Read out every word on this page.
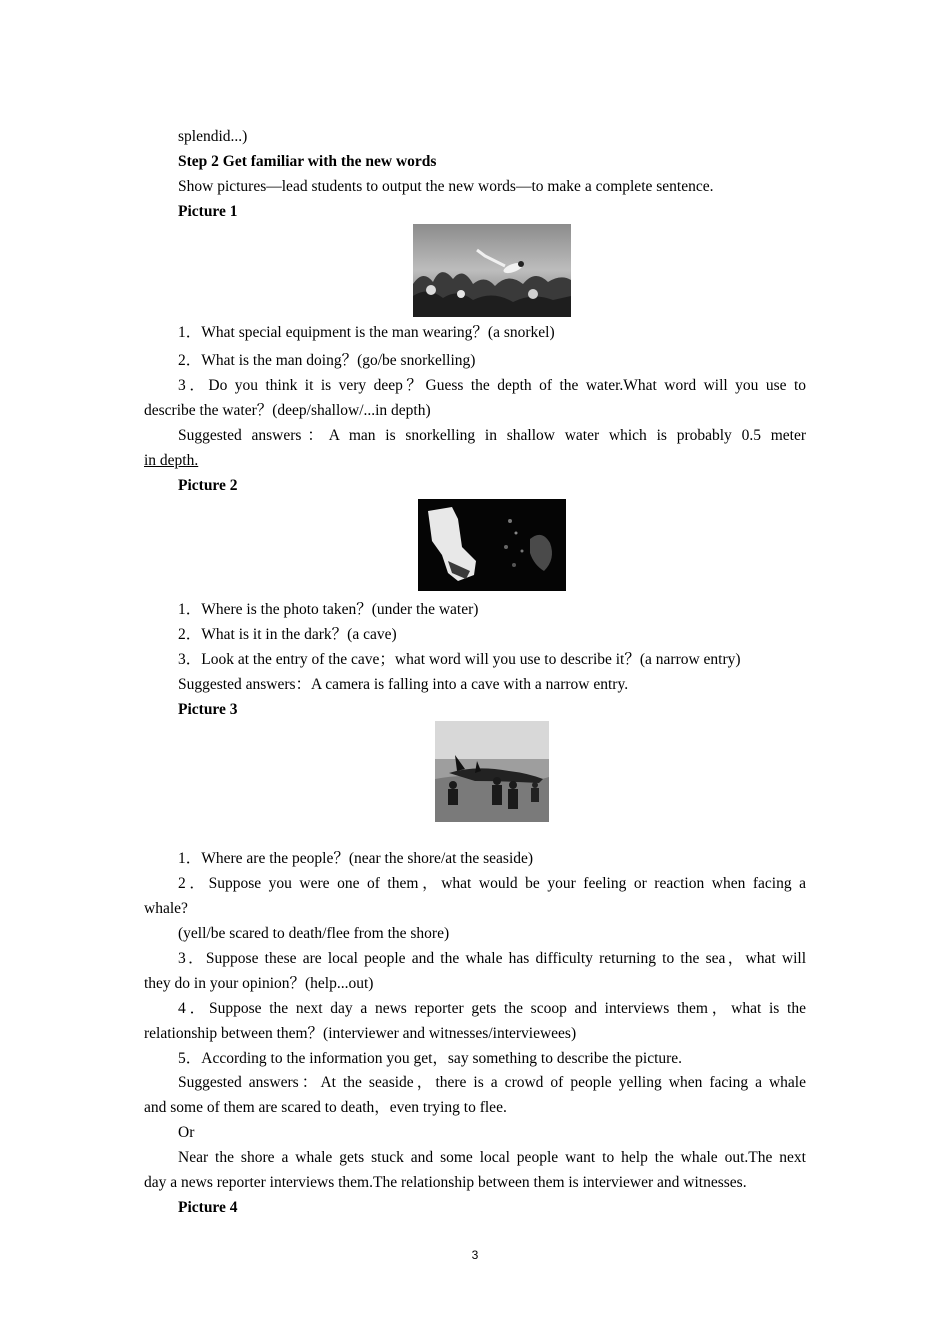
splendid...)
Step 2 Get familiar with the new words
Show pictures—lead students to output the new words—to make a complete sentence.
Picture 1
1．What special equipment is the man wearing？(a snorkel)
2．What is the man doing？(go/be snorkelling)
3．Do you think it is very deep？Guess the depth of the water.What word will you use to
describe the water？(deep/shallow/...in depth)
Suggested answers：A man is snorkelling in shallow water which is probably 0.5 meter
in depth.
Picture 2
1．Where is the photo taken？(under the water)
2．What is it in the dark？(a cave)
3．Look at the entry of the cave；what word will you use to describe it？(a narrow entry)
Suggested answers：A camera is falling into a cave with a narrow entry.
Picture 3
1．Where are the people？(near the shore/at the seaside)
2．Suppose you were one of them，what would be your feeling or reaction when facing a
whale?
(yell/be scared to death/flee from the shore)
3．Suppose these are local people and the whale has difficulty returning to the sea，what will
they do in your opinion？(help...out)
4．Suppose the next day a news reporter gets the scoop and interviews them，what is the
relationship between them？(interviewer and witnesses/interviewees)
5．According to the information you get，say something to describe the picture.
Suggested answers：At the seaside，there is a crowd of people yelling when facing a whale
and some of them are scared to death，even trying to flee.
Or
Near the shore a whale gets stuck and some local people want to help the whale out.The next
day a news reporter interviews them.The relationship between them is interviewer and witnesses.
Picture 4
3
